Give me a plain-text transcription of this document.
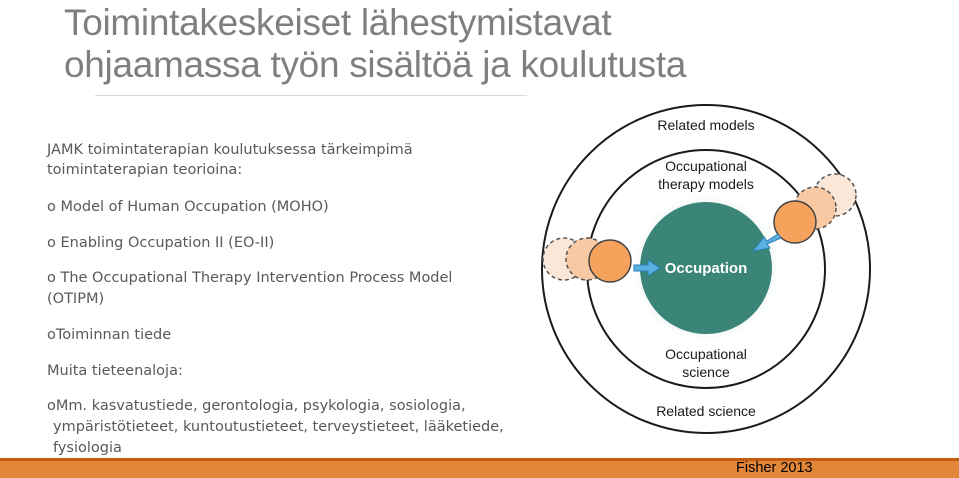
Toimintakeskeiset lähestymistavat
ohjaamassa työn sisältöä ja koulutusta
JAMK toimintaterapian koulutuksessa tärkeimpimä
toimintaterapian teorioina:
o Model of Human Occupation (MOHO)
o Enabling Occupation II (EO-II)
o The Occupational Therapy Intervention Process Model
(OTIPM)
oToiminnan tiede
Muita tieteenaloja:
oMm. kasvatustiede, gerontologia, psykologia, sosiologia,
ympäristötieteet, kuntoutustieteet, terveystieteet, lääketiede,
fysiologia
Related models
Occupational
therapy models
Occupation
Occupational
science
Related science
Fisher 2013
